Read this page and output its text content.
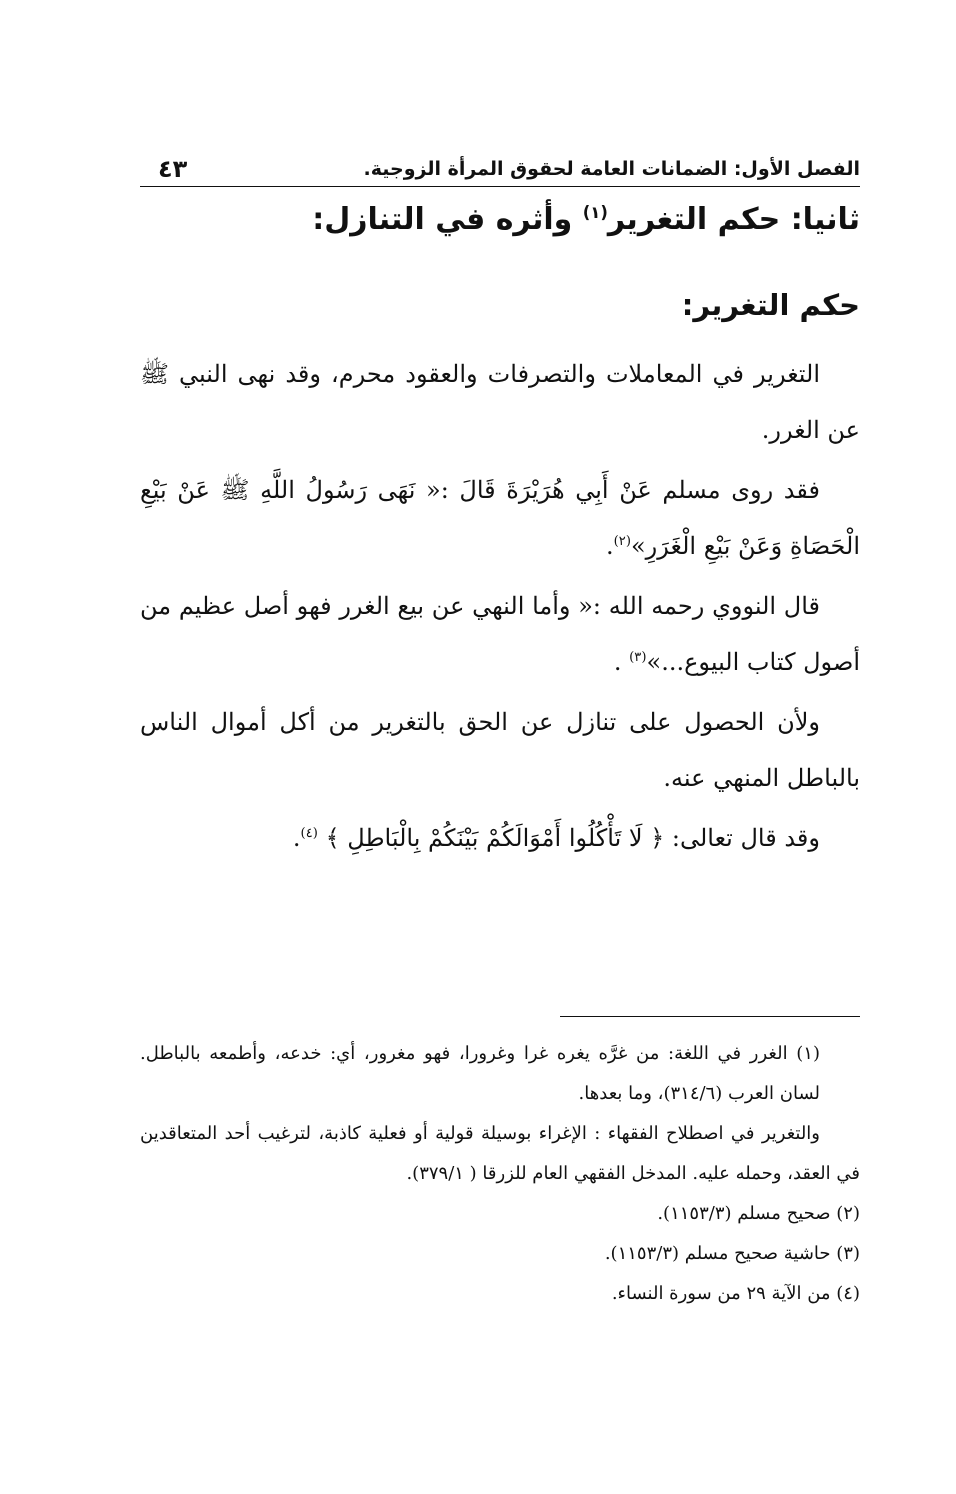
الفصل الأول: الضمانات العامة لحقوق المرأة الزوجية.
٤٣
ثانيا: حكم التغرير$^{(١)}$ وأثره في التنازل:
حكم التغرير:

التغرير في المعاملات والتصرفات والعقود محرم، وقد نهى النبي ﷺ عن الغرر.

فقد روى مسلم عَنْ أَبِي هُرَيْرَةَ قَالَ :« نَهَى رَسُولُ اللَّهِ ﷺ عَنْ بَيْعِ الْحَصَاةِ وَعَنْ بَيْعِ الْغَرَرِ»$^{(٢)}$.

قال النووي رحمه الله :« وأما النهي عن بيع الغرر فهو أصل عظيم من أصول كتاب البيوع...»$^{(٣)}$ .

ولأن الحصول على تنازل عن الحق بالتغرير من أكل أموال الناس بالباطل المنهي عنه.

وقد قال تعالى: ﴿ لَا تَأْكُلُوا أَمْوَالَكُمْ بَيْنَكُمْ بِالْبَاطِلِ ﴾ $^{(٤)}$.

(١) الغرر في اللغة: من غرَّه يغره غرا وغرورا، فهو مغرور، أي: خدعه، وأطمعه بالباطل. لسان العرب (٣١٤/٦)، وما بعدها.

والتغرير في اصطلاح الفقهاء : الإغراء بوسيلة قولية أو فعلية كاذبة، لترغيب أحد المتعاقدين في العقد، وحمله عليه. المدخل الفقهي العام للزرقا ( ٣٧٩/١).

(٢) صحيح مسلم (١١٥٣/٣).

(٣) حاشية صحيح مسلم (١١٥٣/٣).

(٤) من الآية ٢٩ من سورة النساء.
